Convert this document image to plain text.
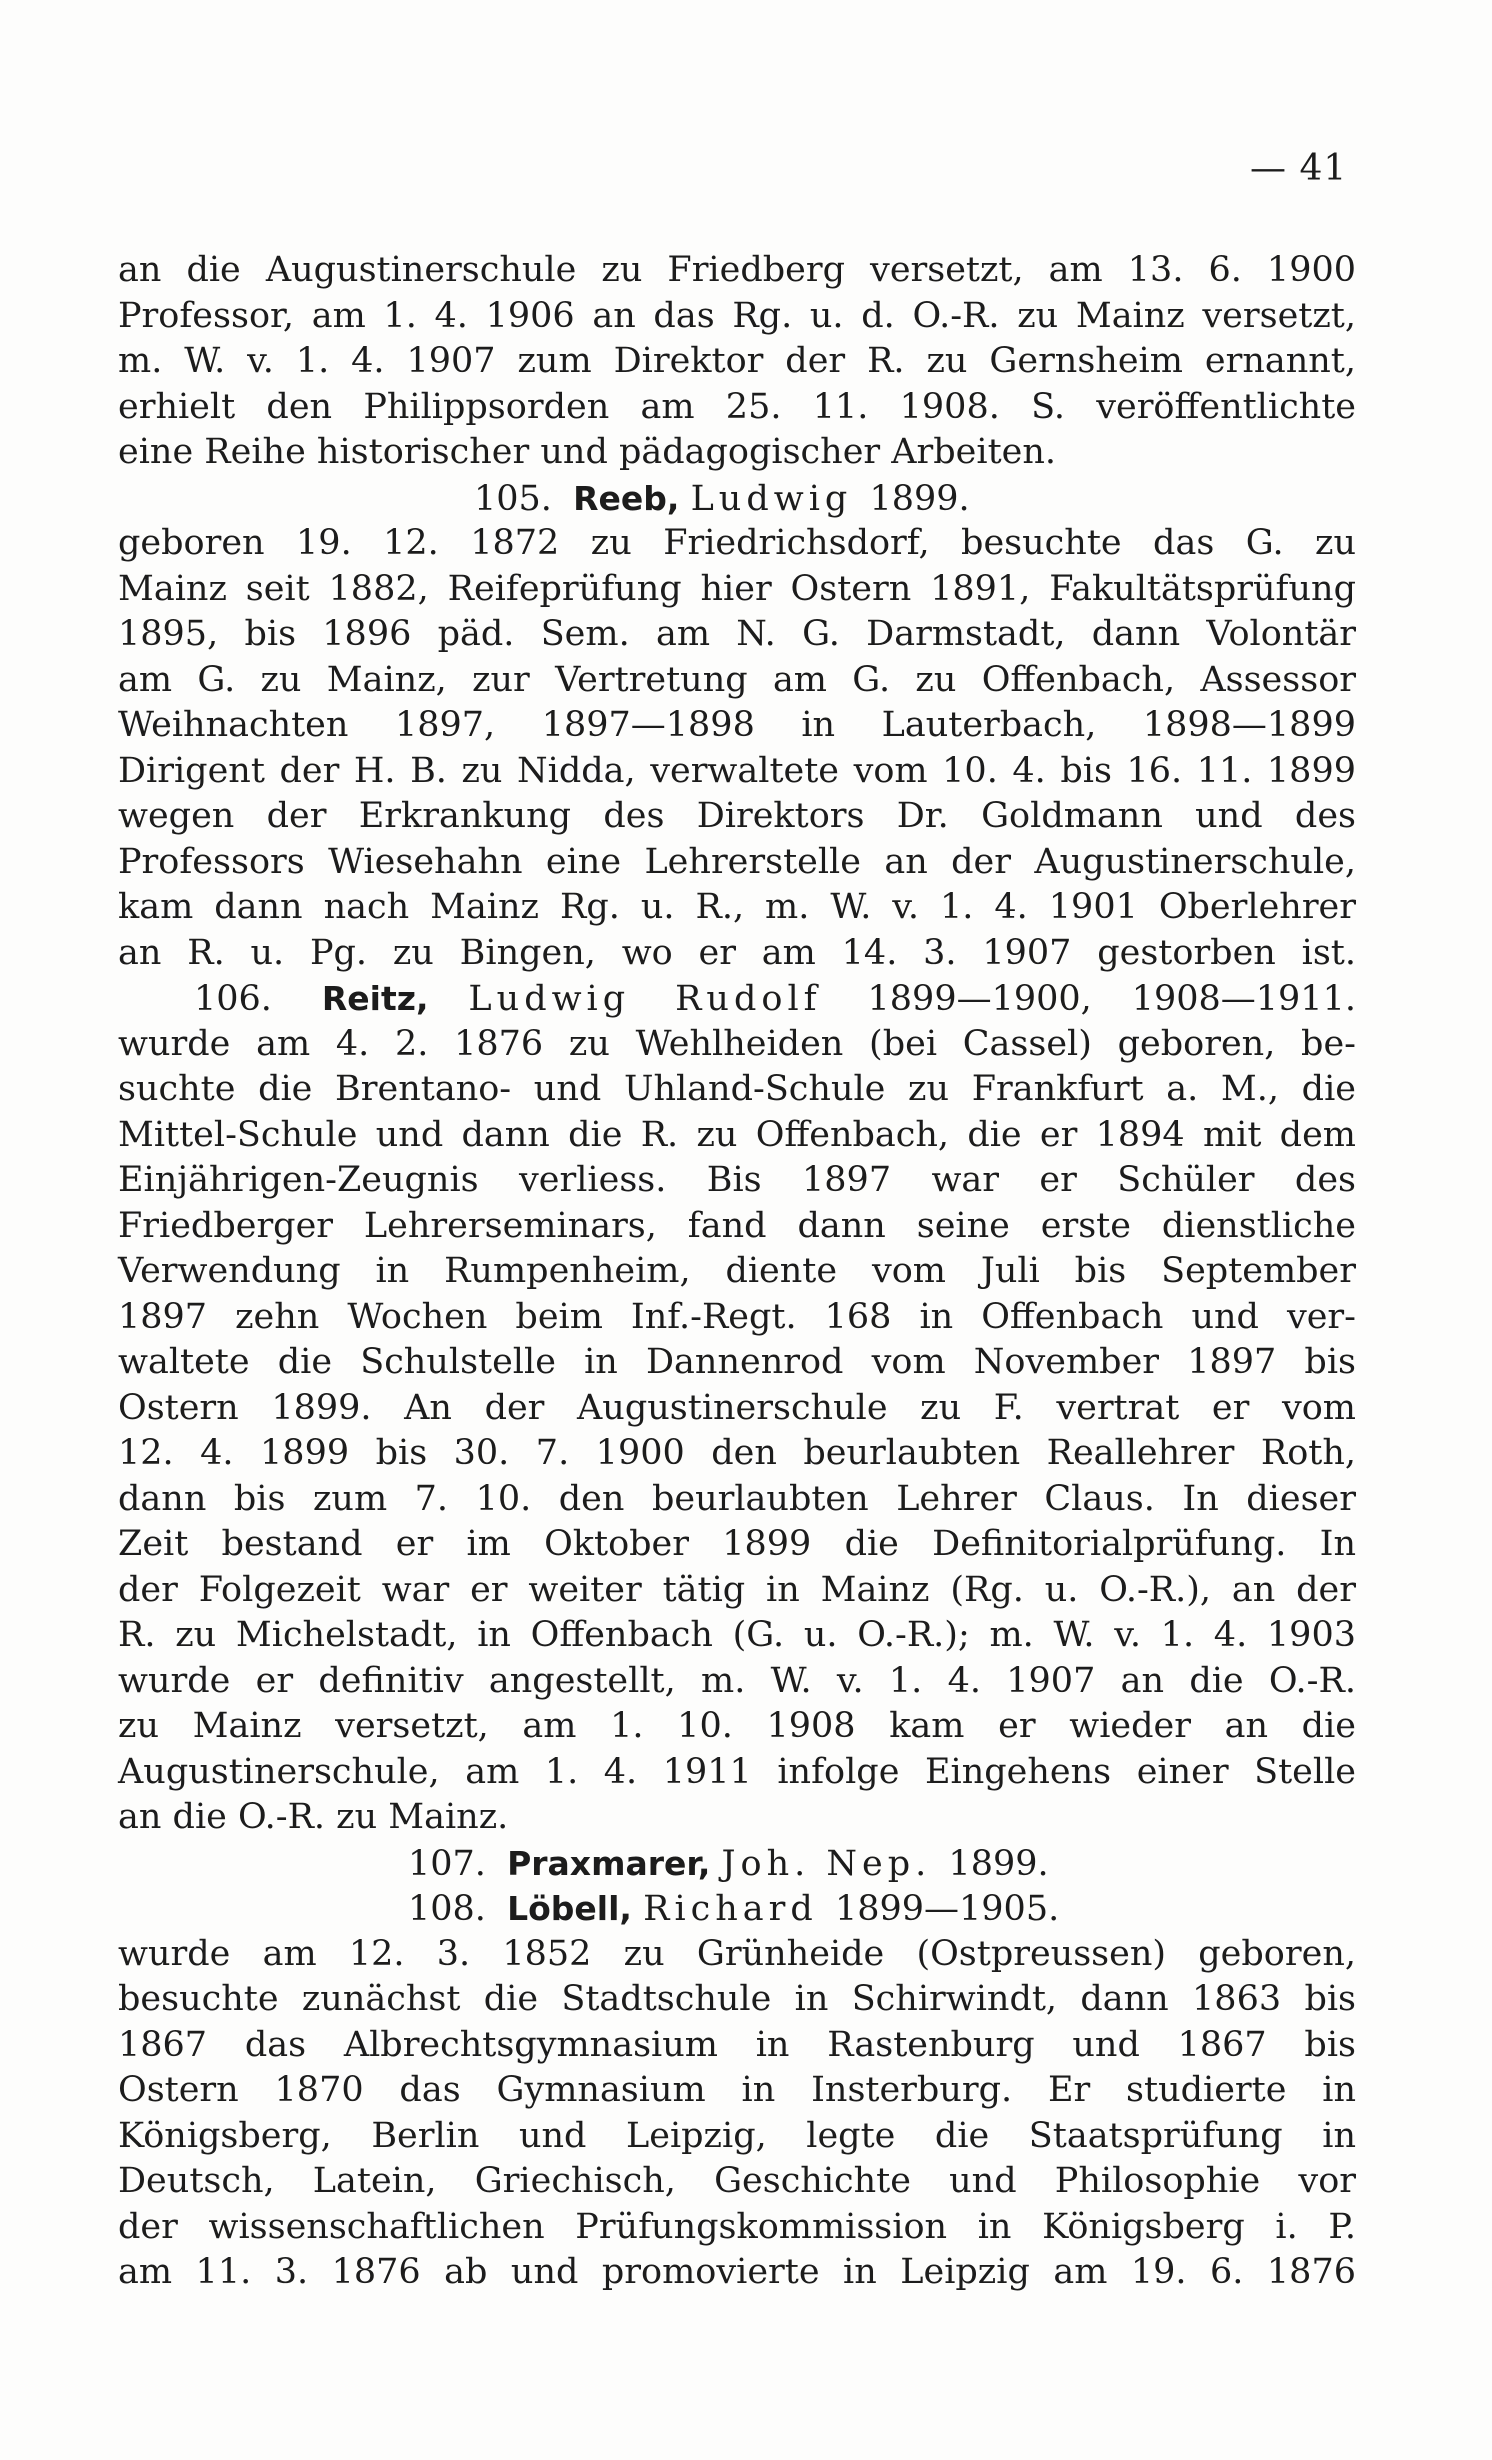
— 41
an die Augustinerschule zu Friedberg versetzt, am 13. 6. 1900
Professor, am 1. 4. 1906 an das Rg. u. d. O.-R. zu Mainz versetzt,
m. W. v. 1. 4. 1907 zum Direktor der R. zu Gernsheim ernannt,
erhielt den Philippsorden am 25. 11. 1908. S. veröffentlichte
eine Reihe historischer und pädagogischer Arbeiten.
105. Reeb, Ludwig 1899.
geboren 19. 12. 1872 zu Friedrichsdorf, besuchte das G. zu
Mainz seit 1882, Reifeprüfung hier Ostern 1891, Fakultätsprüfung
1895, bis 1896 päd. Sem. am N. G. Darmstadt, dann Volontär
am G. zu Mainz, zur Vertretung am G. zu Offenbach, Assessor
Weihnachten 1897, 1897—1898 in Lauterbach, 1898—1899
Dirigent der H. B. zu Nidda, verwaltete vom 10. 4. bis 16. 11. 1899
wegen der Erkrankung des Direktors Dr. Goldmann und des
Professors Wiesehahn eine Lehrerstelle an der Augustinerschule,
kam dann nach Mainz Rg. u. R., m. W. v. 1. 4. 1901 Oberlehrer
an R. u. Pg. zu Bingen, wo er am 14. 3. 1907 gestorben ist.
106. Reitz, Ludwig Rudolf 1899—1900, 1908—1911.
wurde am 4. 2. 1876 zu Wehlheiden (bei Cassel) geboren, be-
suchte die Brentano- und Uhland-Schule zu Frankfurt a. M., die
Mittel-Schule und dann die R. zu Offenbach, die er 1894 mit dem
Einjährigen-Zeugnis verliess. Bis 1897 war er Schüler des
Friedberger Lehrerseminars, fand dann seine erste dienstliche
Verwendung in Rumpenheim, diente vom Juli bis September
1897 zehn Wochen beim Inf.-Regt. 168 in Offenbach und ver-
waltete die Schulstelle in Dannenrod vom November 1897 bis
Ostern 1899. An der Augustinerschule zu F. vertrat er vom
12. 4. 1899 bis 30. 7. 1900 den beurlaubten Reallehrer Roth,
dann bis zum 7. 10. den beurlaubten Lehrer Claus. In dieser
Zeit bestand er im Oktober 1899 die Definitorialprüfung. In
der Folgezeit war er weiter tätig in Mainz (Rg. u. O.-R.), an der
R. zu Michelstadt, in Offenbach (G. u. O.-R.); m. W. v. 1. 4. 1903
wurde er definitiv angestellt, m. W. v. 1. 4. 1907 an die O.-R.
zu Mainz versetzt, am 1. 10. 1908 kam er wieder an die
Augustinerschule, am 1. 4. 1911 infolge Eingehens einer Stelle
an die O.-R. zu Mainz.
107. Praxmarer, Joh. Nep. 1899.
108. Löbell, Richard 1899—1905.
wurde am 12. 3. 1852 zu Grünheide (Ostpreussen) geboren,
besuchte zunächst die Stadtschule in Schirwindt, dann 1863 bis
1867 das Albrechtsgymnasium in Rastenburg und 1867 bis
Ostern 1870 das Gymnasium in Insterburg. Er studierte in
Königsberg, Berlin und Leipzig, legte die Staatsprüfung in
Deutsch, Latein, Griechisch, Geschichte und Philosophie vor
der wissenschaftlichen Prüfungskommission in Königsberg i. P.
am 11. 3. 1876 ab und promovierte in Leipzig am 19. 6. 1876
